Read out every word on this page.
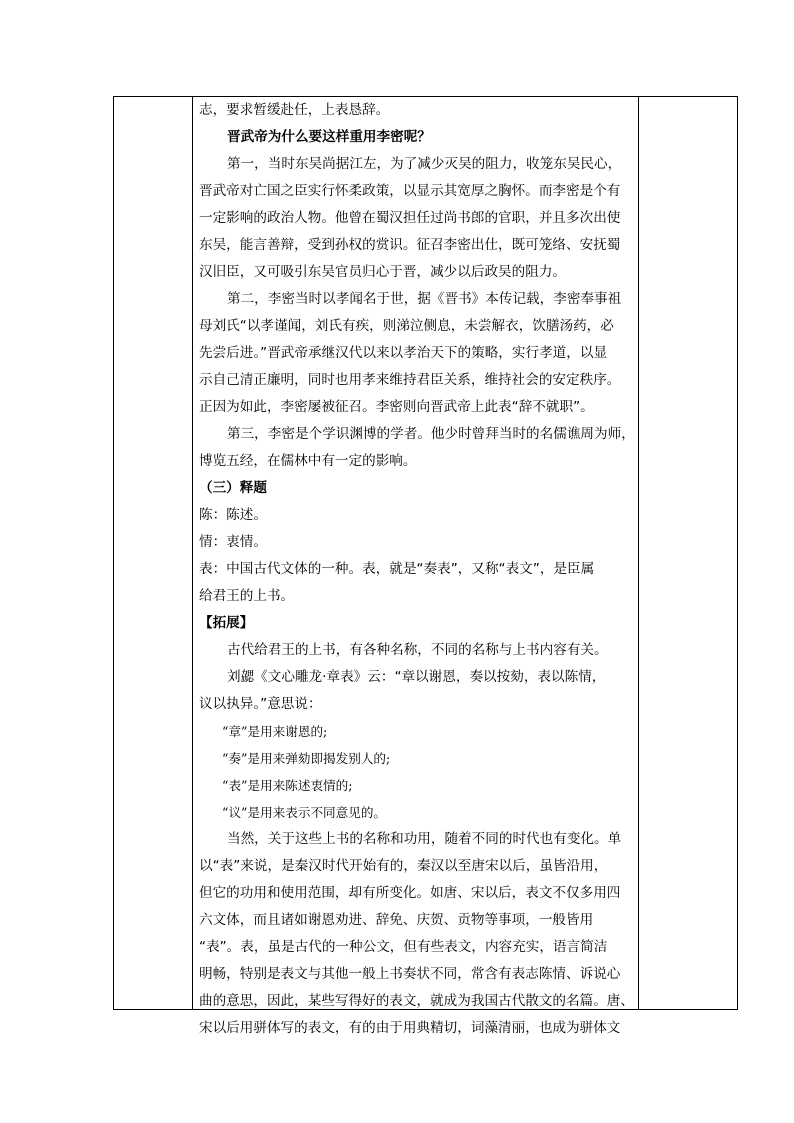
志，要求暂缓赴任，上表恳辞。
晋武帝为什么要这样重用李密呢？
第一，当时东吴尚据江左，为了减少灭吴的阻力，收笼东吴民心，
晋武帝对亡国之臣实行怀柔政策，以显示其宽厚之胸怀。而李密是个有
一定影响的政治人物。他曾在蜀汉担任过尚书郎的官职，并且多次出使
东吴，能言善辩，受到孙权的赏识。征召李密出仕，既可笼络、安抚蜀
汉旧臣，又可吸引东吴官员归心于晋，减少以后政吴的阻力。
第二，李密当时以孝闻名于世，据《晋书》本传记载，李密奉事祖
母刘氏“以孝谨闻，刘氏有疾，则涕泣侧息，未尝解衣，饮膳汤药，必
先尝后进。”晋武帝承继汉代以来以孝治天下的策略，实行孝道，以显
示自己清正廉明，同时也用孝来维持君臣关系，维持社会的安定秩序。
正因为如此，李密屡被征召。李密则向晋武帝上此表“辞不就职”。
第三，李密是个学识渊博的学者。他少时曾拜当时的名儒谯周为师，
博览五经，在儒林中有一定的影响。
（三）释题
陈：陈述。
情：衷情。
表：中国古代文体的一种。表，就是“奏表”，又称“表文”，是臣属
给君王的上书。
【拓展】
古代给君王的上书，有各种名称，不同的名称与上书内容有关。
刘勰《文心雕龙·章表》云：“章以谢恩，奏以按劾，表以陈情，
议以执异。”意思说：
“章”是用来谢恩的;
“奏”是用来弹劾即揭发别人的;
“表”是用来陈述衷情的;
“议”是用来表示不同意见的。
当然，关于这些上书的名称和功用，随着不同的时代也有变化。单
以“表”来说，是秦汉时代开始有的，秦汉以至唐宋以后，虽皆沿用，
但它的功用和使用范围，却有所变化。如唐、宋以后，表文不仅多用四
六文体，而且诸如谢恩劝进、辞免、庆贺、贡物等事项，一般皆用
“表”。表，虽是古代的一种公文，但有些表文，内容充实，语言简洁
明畅，特别是表文与其他一般上书奏状不同，常含有表志陈情、诉说心
曲的意思，因此，某些写得好的表文，就成为我国古代散文的名篇。唐、
宋以后用骈体写的表文，有的由于用典精切，词藻清丽，也成为骈体文
